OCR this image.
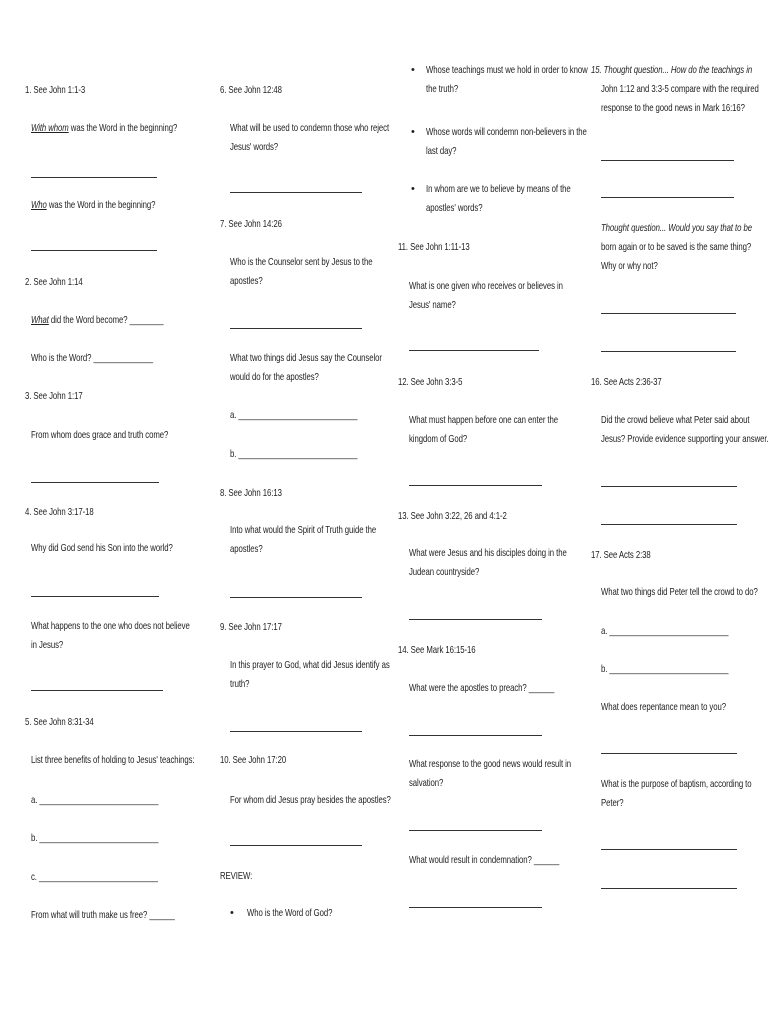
1. See John 1:1-3
With whom was the Word in the beginning?
Who was the Word in the beginning?
2. See John 1:14
What did the Word become? ________
Who is the Word? ______________
3. See John 1:17
From whom does grace and truth come?
4. See John 3:17-18
Why did God send his Son into the world?
What happens to the one who does not believe
in Jesus?
5. See John 8:31-34
List three benefits of holding to Jesus' teachings:
a. ____________________________
b. ____________________________
c. ____________________________
From what will truth make us free? ______
6. See John 12:48
What will be used to condemn those who reject
Jesus' words?
7. See John 14:26
Who is the Counselor sent by Jesus to the
apostles?
What two things did Jesus say the Counselor
would do for the apostles?
a. ____________________________
b. ____________________________
8. See John 16:13
Into what would the Spirit of Truth guide the
apostles?
9. See John 17:17
In this prayer to God, what did Jesus identify as
truth?
10. See John 17:20
For whom did Jesus pray besides the apostles?
REVIEW:
• Who is the Word of God?
• Whose teachings must we hold in order to know
the truth?
• Whose words will condemn non-believers in the
last day?
• In whom are we to believe by means of the
apostles' words?
11. See John 1:11-13
What is one given who receives or believes in
Jesus' name?
12. See John 3:3-5
What must happen before one can enter the
kingdom of God?
13. See John 3:22, 26 and 4:1-2
What were Jesus and his disciples doing in the
Judean countryside?
14. See Mark 16:15-16
What were the apostles to preach? ______
What response to the good news would result in
salvation?
What would result in condemnation? ______
15. Thought question... How do the teachings in
John 1:12 and 3:3-5 compare with the required
response to the good news in Mark 16:16?
Thought question... Would you say that to be
born again or to be saved is the same thing?
Why or why not?
16. See Acts 2:36-37
Did the crowd believe what Peter said about
Jesus? Provide evidence supporting your answer.
17. See Acts 2:38
What two things did Peter tell the crowd to do?
a. ____________________________
b. ____________________________
What does repentance mean to you?
What is the purpose of baptism, according to
Peter?
